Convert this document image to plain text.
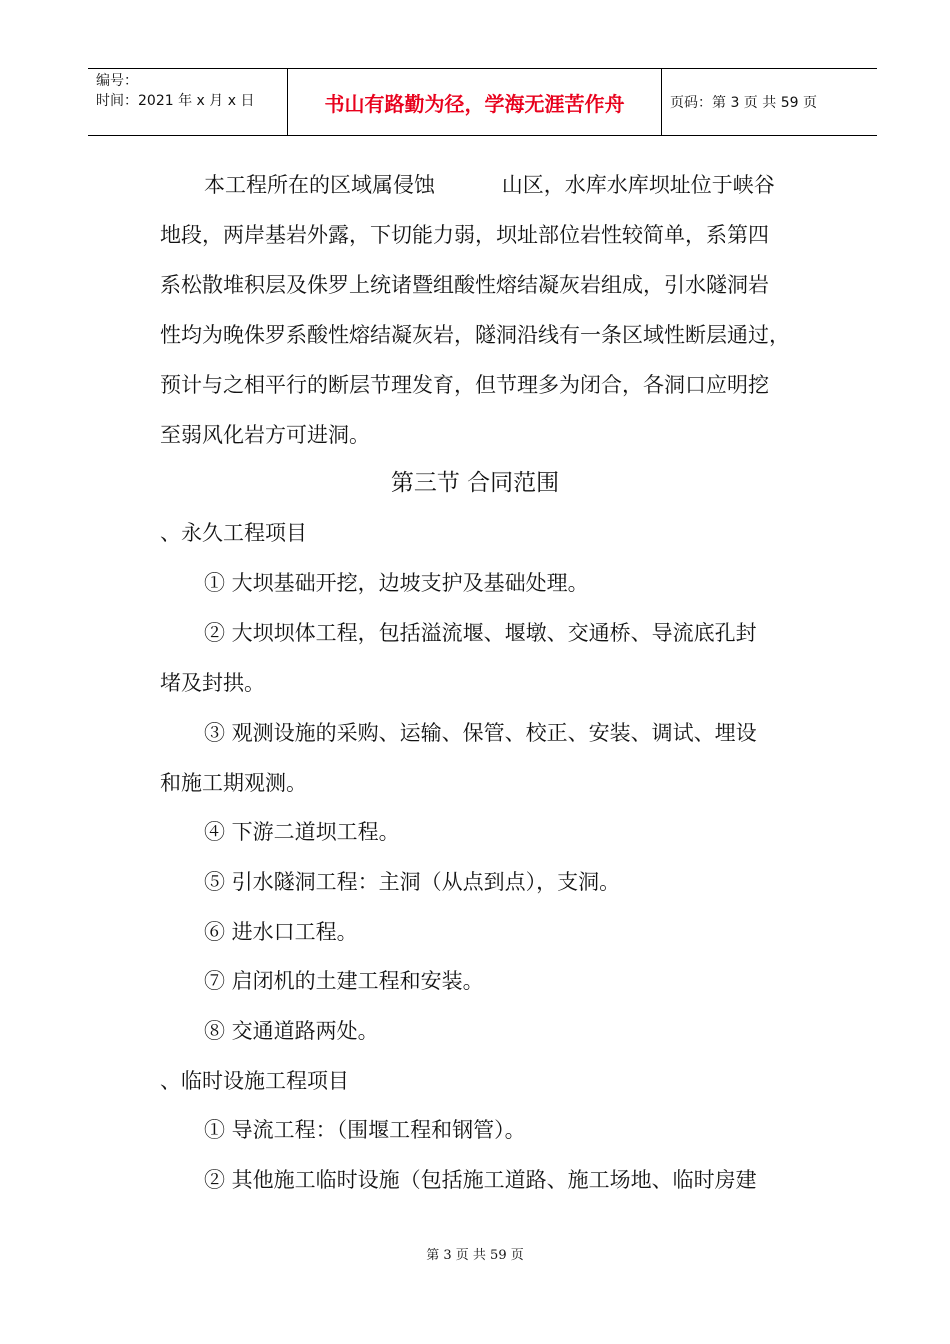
编号：
时间：2021 年 x 月 x 日	书山有路勤为径，学海无涯苦作舟	页码：第 3 页 共 59 页
本工程所在的区域属侵蚀          山区，水库水库坝址位于峡谷
地段，两岸基岩外露，下切能力弱，坝址部位岩性较简单，系第四
系松散堆积层及侏罗上统诸暨组酸性熔结凝灰岩组成，引水隧洞岩
性均为晚侏罗系酸性熔结凝灰岩，隧洞沿线有一条区域性断层通过，
预计与之相平行的断层节理发育，但节理多为闭合，各洞口应明挖
至弱风化岩方可进洞。
第三节 合同范围
、永久工程项目
① 大坝基础开挖，边坡支护及基础处理。
② 大坝坝体工程，包括溢流堰、堰墩、交通桥、导流底孔封
堵及封拱。
③ 观测设施的采购、运输、保管、校正、安装、调试、埋设
和施工期观测。
④ 下游二道坝工程。
⑤ 引水隧洞工程：主洞（从点到点），支洞。
⑥ 进水口工程。
⑦ 启闭机的土建工程和安装。
⑧ 交通道路两处。
、临时设施工程项目
① 导流工程：（围堰工程和钢管）。
② 其他施工临时设施（包括施工道路、施工场地、临时房建
第 3 页 共 59 页
